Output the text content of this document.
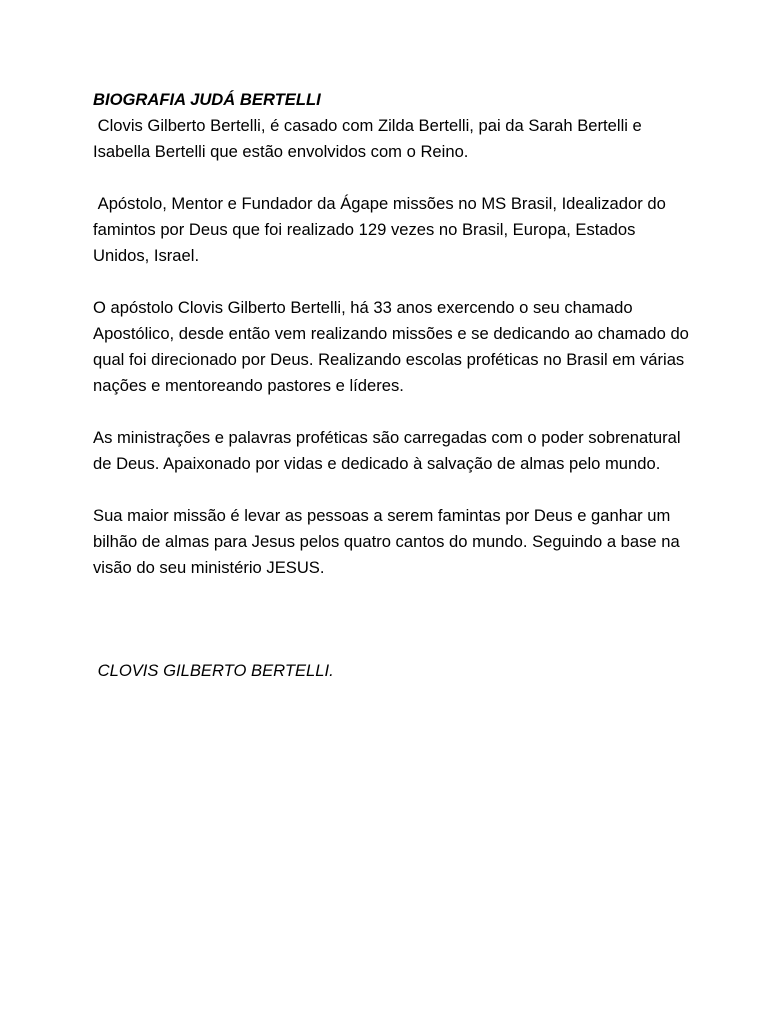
BIOGRAFIA JUDÁ BERTELLI

Clovis Gilberto Bertelli, é casado com Zilda Bertelli, pai da Sarah Bertelli e Isabella Bertelli que estão envolvidos com o Reino.

Apóstolo, Mentor e Fundador da Ágape missões no MS Brasil, Idealizador do famintos por Deus que foi realizado 129 vezes no Brasil, Europa, Estados Unidos, Israel.

O apóstolo Clovis Gilberto Bertelli, há 33 anos exercendo o seu chamado Apostólico, desde então vem realizando missões e se dedicando ao chamado do qual foi direcionado por Deus. Realizando escolas proféticas no Brasil em várias nações e mentoreando pastores e líderes.

As ministrações e palavras proféticas são carregadas com o poder sobrenatural de Deus. Apaixonado por vidas e dedicado à salvação de almas pelo mundo.

Sua maior missão é levar as pessoas a serem famintas por Deus e ganhar um bilhão de almas para Jesus pelos quatro cantos do mundo. Seguindo a base na visão do seu ministério JESUS.

CLOVIS GILBERTO BERTELLI.
